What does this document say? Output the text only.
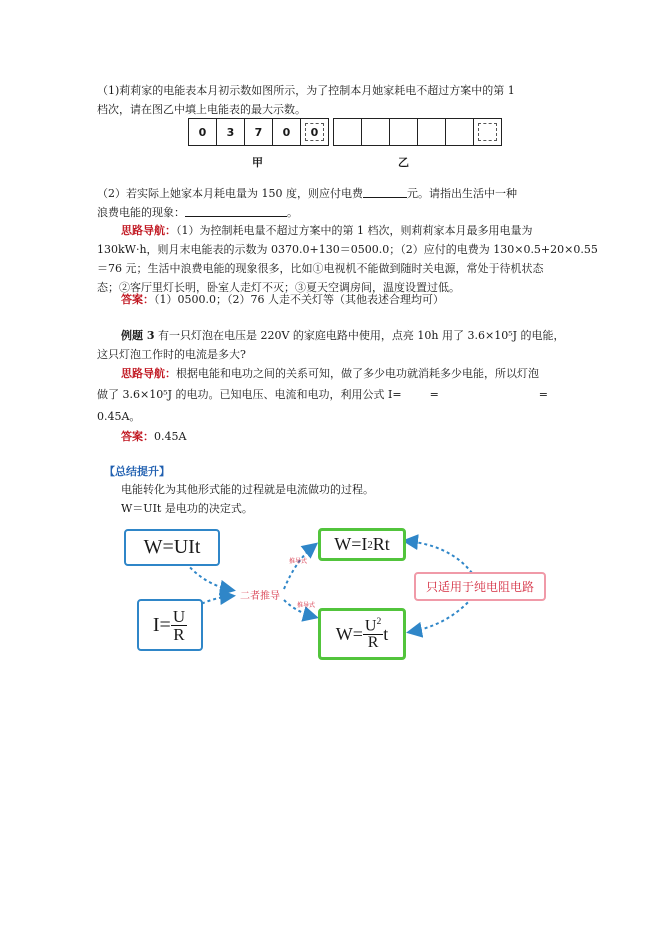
（1)莉莉家的电能表本月初示数如图所示，为了控制本月她家耗电不超过方案中的第 1
档次，请在图乙中填上电能表的最大示数。
0	3	7	0	0
甲	乙
（2）若实际上她家本月耗电量为 150 度，则应付电费	元。请指出生活中一种
浪费电能的现象：	。
思路导航：（1）为控制耗电量不超过方案中的第 1 档次，则莉莉家本月最多用电量为
130kW·h，则月末电能表的示数为 0370.0+130＝0500.0；（2）应付的电费为 130×0.5+20×0.55
＝76 元；生活中浪费电能的现象很多，比如①电视机不能做到随时关电源，常处于待机状态
态；②客厅里灯长明，卧室人走灯不灭；③夏天空调房间，温度设置过低。
答案：（1）0500.0；（2）76 人走不关灯等（其他表述合理均可）
例题 3 有一只灯泡在电压是 220V 的家庭电路中使用，点亮 10h 用了 3.6×10⁵J 的电能，
这只灯泡工作时的电流是多大?
思路导航：根据电能和电功之间的关系可知，做了多少电功就消耗多少电能，所以灯泡
做了 3.6×10⁵J 的电功。已知电压、电流和电功，利用公式 I=	=	=
0.45A。
答案：0.45A
【总结提升】
电能转化为其他形式能的过程就是电流做功的过程。
W＝UIt 是电功的决定式。
W=UIt
$I= \frac{U}{R}$
二者推导
推导式
推导式
W=I 2 Rt
$W= \frac{U^2}{R}$ t
只适用于纯电阻电路
